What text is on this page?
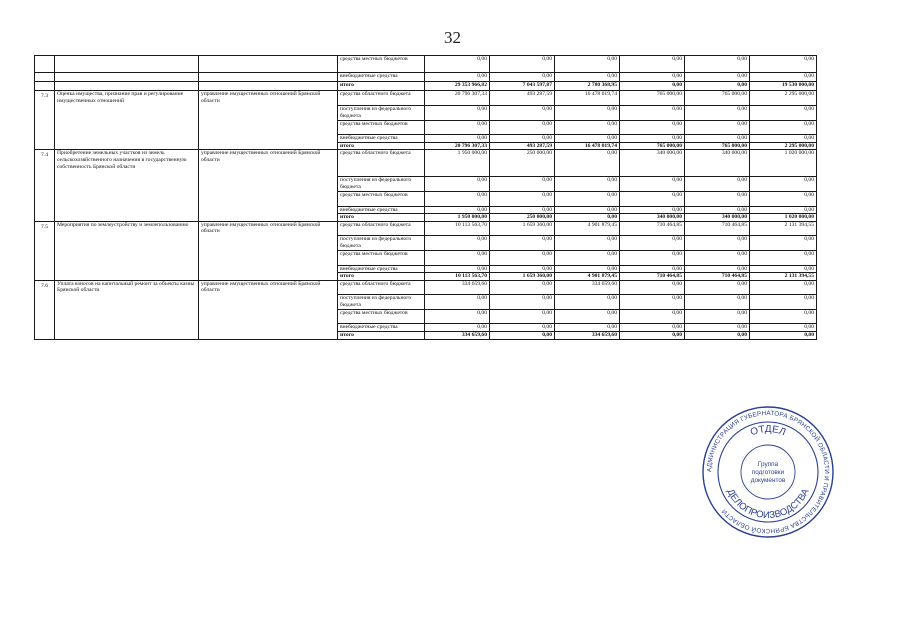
32
			средства местных бюджетов	0,00	0,00	0,00	0,00	0,00	0,00
			внебюджетные средства	0,00	0,00	0,00	0,00	0,00	0,00
			итого	29 353 966,82	7 043 597,87	2 780 368,95	0,00	0,00	19 530 000,00
7.3	Оценка имущества, признание прав и регулирование имущественных отношений	управление имущественных отношений Брянской области	средства областного бюджета	20 796 307,33	493 287,59	16 478 019,74	765 000,00	765 000,00	2 295 000,00
			поступления из федерального бюджета	0,00	0,00	0,00	0,00	0,00	0,00
			средства местных бюджетов	0,00	0,00	0,00	0,00	0,00	0,00
			внебюджетные средства	0,00	0,00	0,00	0,00	0,00	0,00
			итого	20 796 307,33	493 287,59	16 478 019,74	765 000,00	765 000,00	2 295 000,00
7.4	Приобретение земельных участков из земель сельскохозяйственного назначения в государственную собственность Брянской области	управление имущественных отношений Брянской области	средства областного бюджета	1 950 000,00	250 000,00	0,00	340 000,00	340 000,00	1 020 000,00
			поступления из федерального бюджета	0,00	0,00	0,00	0,00	0,00	0,00
			средства местных бюджетов	0,00	0,00	0,00	0,00	0,00	0,00
			внебюджетные средства	0,00	0,00	0,00	0,00	0,00	0,00
			итого	1 950 000,00	250 000,00	0,00	340 000,00	340 000,00	1 020 000,00
7.5	Мероприятия по землеустройству и землепользованию	управление имущественных отношений Брянской области	средства областного бюджета	10 113 563,70	1 659 360,00	4 901 879,45	710 464,85	710 464,85	2 131 394,55
			поступления из федерального бюджета	0,00	0,00	0,00	0,00	0,00	0,00
			средства местных бюджетов	0,00	0,00	0,00	0,00	0,00	0,00
			внебюджетные средства	0,00	0,00	0,00	0,00	0,00	0,00
			итого	10 113 563,70	1 659 360,00	4 901 879,45	710 464,85	710 464,85	2 131 394,55
7.6	Уплата взносов на капитальный ремонт за объекты казны Брянской области	управление имущественных отношений Брянской области	средства областного бюджета	334 659,60	0,00	334 659,60	0,00	0,00	0,00
			поступления из федерального бюджета	0,00	0,00	0,00	0,00	0,00	0,00
			средства местных бюджетов	0,00	0,00	0,00	0,00	0,00	0,00
			внебюджетные средства	0,00	0,00	0,00	0,00	0,00	0,00
			итого	334 659,60	0,00	334 659,60	0,00	0,00	0,00
АДМИНИСТРАЦИЯ ГУБЕРНАТОРА БРЯНСКОЙ ОБЛАСТИ И ПРАВИТЕЛЬСТВА БРЯНСКОЙ ОБЛАСТИ
ОТДЕЛ
ДЕЛОПРОИЗВОДСТВА
Группа
подготовки
документов
